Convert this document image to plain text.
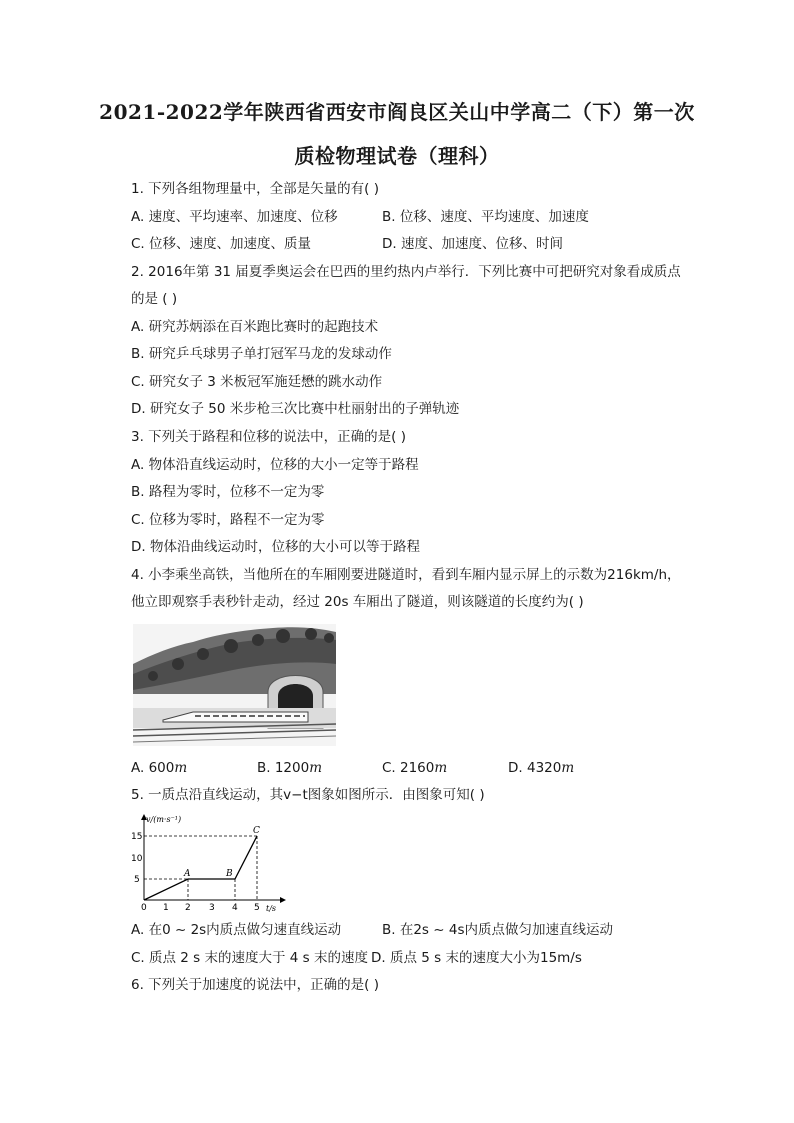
2021-2022学年陕西省西安市阎良区关山中学高二（下）第一次
质检物理试卷（理科）
1. 下列各组物理量中，全部是矢量的有( )
A. 速度、平均速率、加速度、位移	B. 位移、速度、平均速度、加速度
C. 位移、速度、加速度、质量	D. 速度、加速度、位移、时间
2. 2016年第 31 届夏季奥运会在巴西的里约热内卢举行．下列比赛中可把研究对象看成质点
的是 ( )
A. 研究苏炳添在百米跑比赛时的起跑技术
B. 研究乒乓球男子单打冠军马龙的发球动作
C. 研究女子 3 米板冠军施廷懋的跳水动作
D. 研究女子 50 米步枪三次比赛中杜丽射出的子弹轨迹
3. 下列关于路程和位移的说法中，正确的是( )
A. 物体沿直线运动时，位移的大小一定等于路程
B. 路程为零时，位移不一定为零
C. 位移为零时，路程不一定为零
D. 物体沿曲线运动时，位移的大小可以等于路程
4. 小李乘坐高铁，当他所在的车厢刚要进隧道时，看到车厢内显示屏上的示数为216km/h，
他立即观察手表秒针走动，经过 20s 车厢出了隧道，则该隧道的长度约为( )
A. 600m	B. 1200m	C. 2160m	D. 4320m
5. 一质点沿直线运动，其v−t图象如图所示．由图象可知( )
v/(m·s⁻¹)
t/s
15
10
5
0 1 2 3 4 5
A	B
C
A. 在0 ~ 2s内质点做匀速直线运动	B. 在2s ~ 4s内质点做匀加速直线运动
C. 质点 2 s 末的速度大于 4 s 末的速度 D. 质点 5 s 末的速度大小为15m/s
6. 下列关于加速度的说法中，正确的是( )
